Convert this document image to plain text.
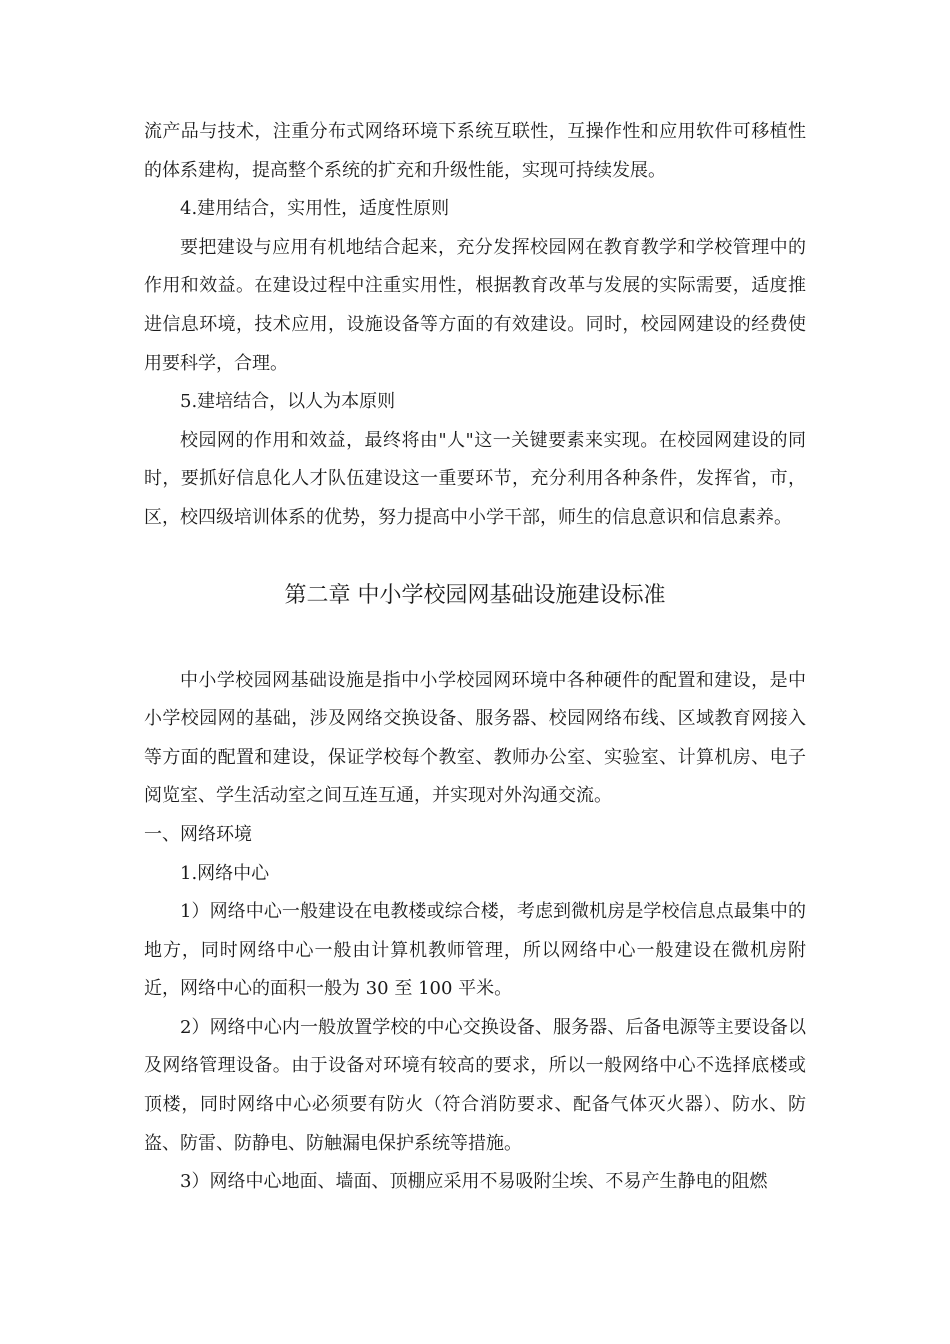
流产品与技术，注重分布式网络环境下系统互联性，互操作性和应用软件可移植性的体系建构，提高整个系统的扩充和升级性能，实现可持续发展。

4.建用结合，实用性，适度性原则

要把建设与应用有机地结合起来，充分发挥校园网在教育教学和学校管理中的作用和效益。在建设过程中注重实用性，根据教育改革与发展的实际需要，适度推进信息环境，技术应用，设施设备等方面的有效建设。同时，校园网建设的经费使用要科学，合理。

5.建培结合，以人为本原则

校园网的作用和效益，最终将由"人"这一关键要素来实现。在校园网建设的同时，要抓好信息化人才队伍建设这一重要环节，充分利用各种条件，发挥省，市，区，校四级培训体系的优势，努力提高中小学干部，师生的信息意识和信息素养。

第二章 中小学校园网基础设施建设标准

中小学校园网基础设施是指中小学校园网环境中各种硬件的配置和建设，是中小学校园网的基础，涉及网络交换设备、服务器、校园网络布线、区域教育网接入等方面的配置和建设，保证学校每个教室、教师办公室、实验室、计算机房、电子阅览室、学生活动室之间互连互通，并实现对外沟通交流。

一、网络环境

1.网络中心

1）网络中心一般建设在电教楼或综合楼，考虑到微机房是学校信息点最集中的地方，同时网络中心一般由计算机教师管理，所以网络中心一般建设在微机房附近，网络中心的面积一般为 30 至 100 平米。

2）网络中心内一般放置学校的中心交换设备、服务器、后备电源等主要设备以及网络管理设备。由于设备对环境有较高的要求，所以一般网络中心不选择底楼或顶楼，同时网络中心必须要有防火（符合消防要求、配备气体灭火器）、防水、防盗、防雷、防静电、防触漏电保护系统等措施。

3）网络中心地面、墙面、顶棚应采用不易吸附尘埃、不易产生静电的阻燃
